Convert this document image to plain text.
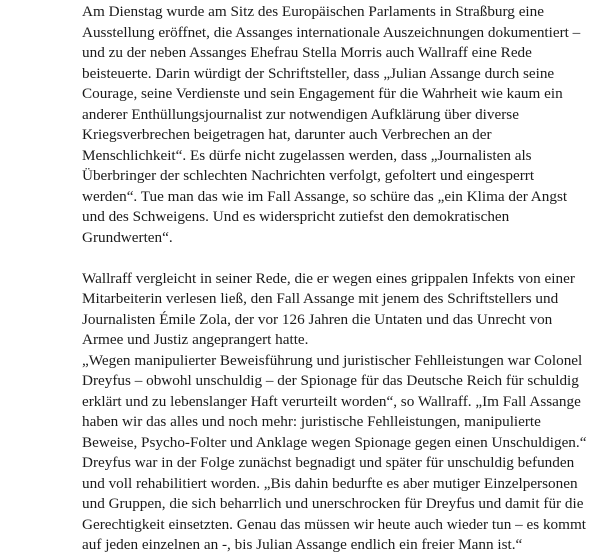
Am Dienstag wurde am Sitz des Europäischen Parlaments in Straßburg eine Ausstellung eröffnet, die Assanges internationale Auszeichnungen dokumentiert – und zu der neben Assanges Ehefrau Stella Morris auch Wallraff eine Rede beisteuerte. Darin würdigt der Schriftsteller, dass „Julian Assange durch seine Courage, seine Verdienste und sein Engagement für die Wahrheit wie kaum ein anderer Enthüllungsjournalist zur notwendigen Aufklärung über diverse Kriegsverbrechen beigetragen hat, darunter auch Verbrechen an der Menschlichkeit“. Es dürfe nicht zugelassen werden, dass „Journalisten als Überbringer der schlechten Nachrichten verfolgt, gefoltert und eingesperrt werden“. Tue man das wie im Fall Assange, so schüre das „ein Klima der Angst und des Schweigens. Und es widerspricht zutiefst den demokratischen Grundwerten“.

Wallraff vergleicht in seiner Rede, die er wegen eines grippalen Infekts von einer Mitarbeiterin verlesen ließ, den Fall Assange mit jenem des Schriftstellers und Journalisten Émile Zola, der vor 126 Jahren die Untaten und das Unrecht von Armee und Justiz angeprangert hatte.

„Wegen manipulierter Beweisführung und juristischer Fehlleistungen war Colonel Dreyfus – obwohl unschuldig – der Spionage für das Deutsche Reich für schuldig erklärt und zu lebenslanger Haft verurteilt worden“, so Wallraff. „Im Fall Assange haben wir das alles und noch mehr: juristische Fehlleistungen, manipulierte Beweise, Psycho-Folter und Anklage wegen Spionage gegen einen Unschuldigen.“ Dreyfus war in der Folge zunächst begnadigt und später für unschuldig befunden und voll rehabilitiert worden. „Bis dahin bedurfte es aber mutiger Einzelpersonen und Gruppen, die sich beharrlich und unerschrocken für Dreyfus und damit für die Gerechtigkeit einsetzten. Genau das müssen wir heute auch wieder tun – es kommt auf jeden einzelnen an -, bis Julian Assange endlich ein freier Mann ist.“
